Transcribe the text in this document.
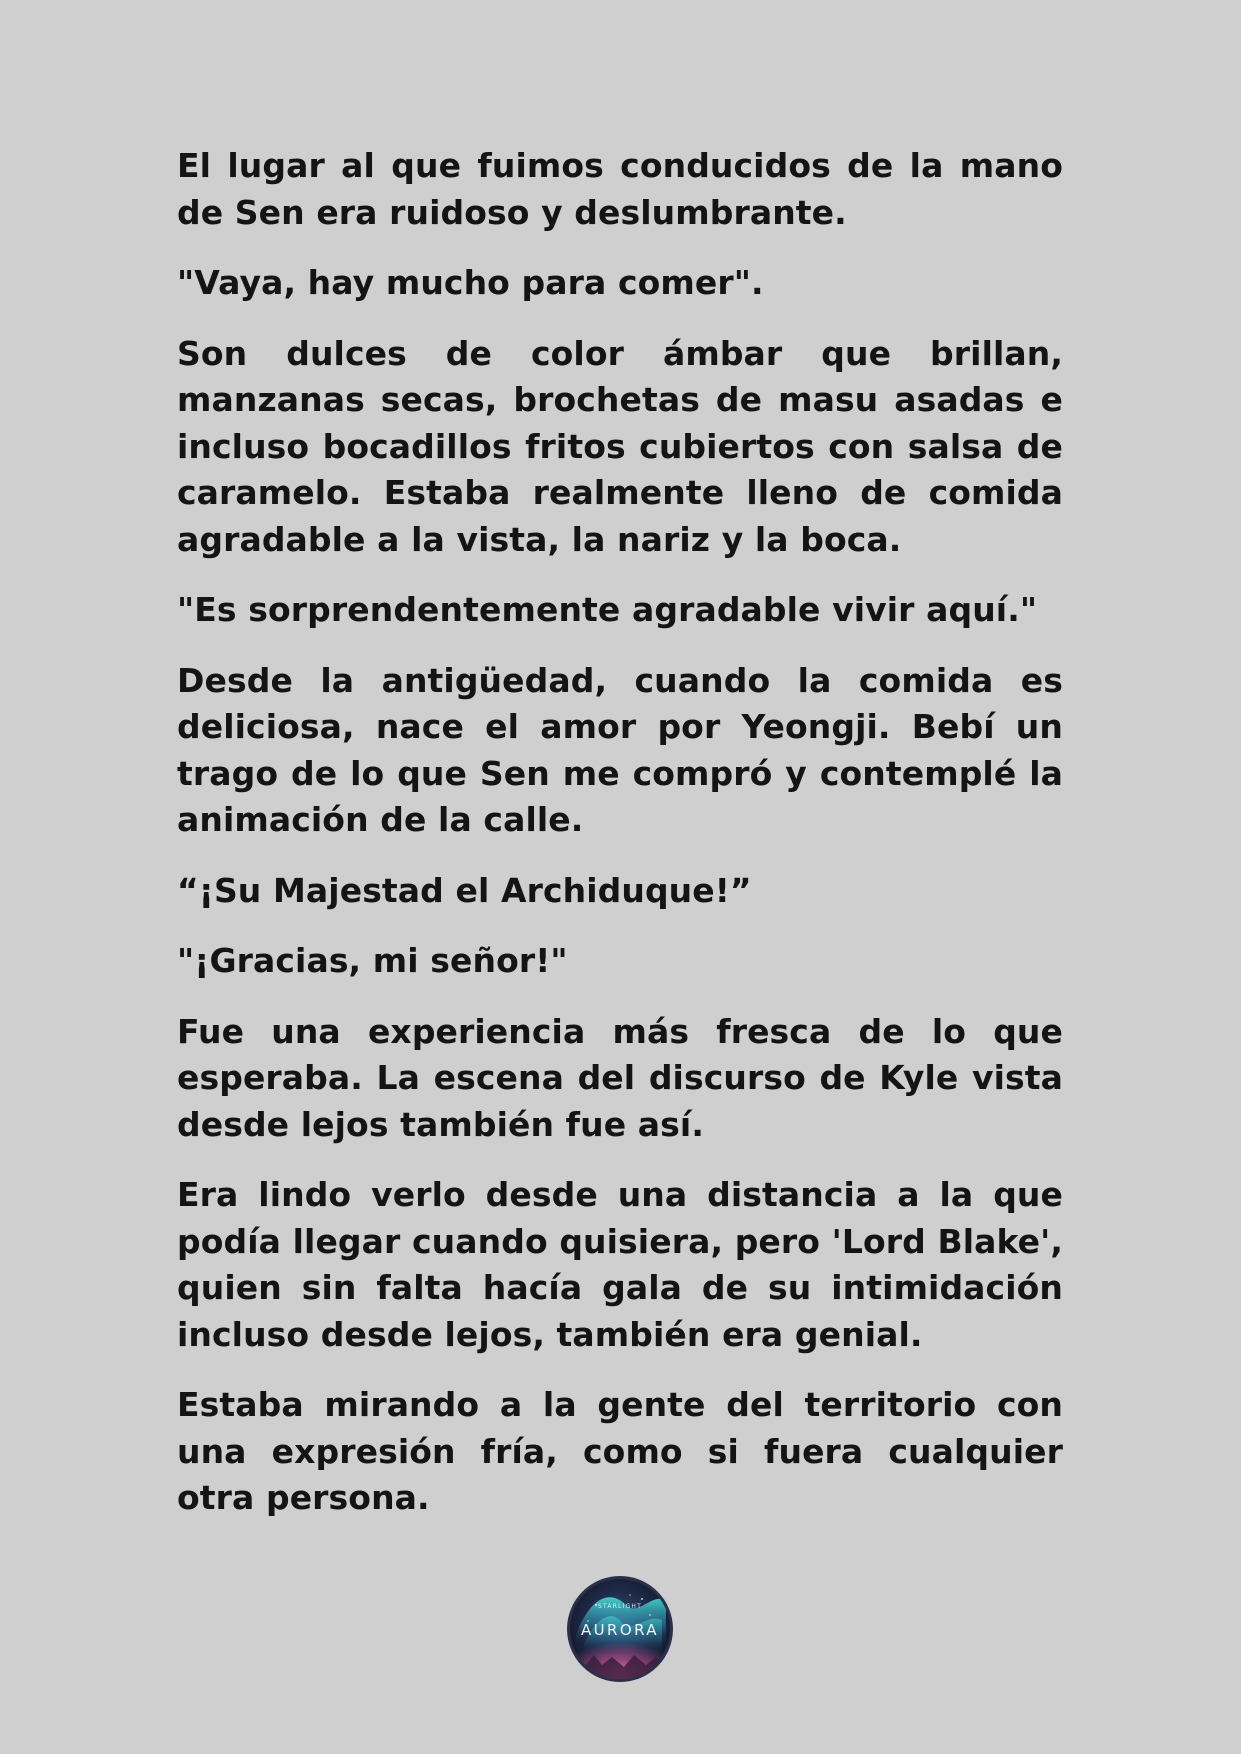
El lugar al que fuimos conducidos de la mano de Sen era ruidoso y deslumbrante.

"Vaya, hay mucho para comer".

Son dulces de color ámbar que brillan, manzanas secas, brochetas de masu asadas e incluso bocadillos fritos cubiertos con salsa de caramelo. Estaba realmente lleno de comida agradable a la vista, la nariz y la boca.

"Es sorprendentemente agradable vivir aquí."

Desde la antigüedad, cuando la comida es deliciosa, nace el amor por Yeongji. Bebí un trago de lo que Sen me compró y contemplé la animación de la calle.

“¡Su Majestad el Archiduque!”

"¡Gracias, mi señor!"

Fue una experiencia más fresca de lo que esperaba. La escena del discurso de Kyle vista desde lejos también fue así.

Era lindo verlo desde una distancia a la que podía llegar cuando quisiera, pero 'Lord Blake', quien sin falta hacía gala de su intimidación incluso desde lejos, también era genial.

Estaba mirando a la gente del territorio con una expresión fría, como si fuera cualquier otra persona.

STARLIGHT
AURORA
